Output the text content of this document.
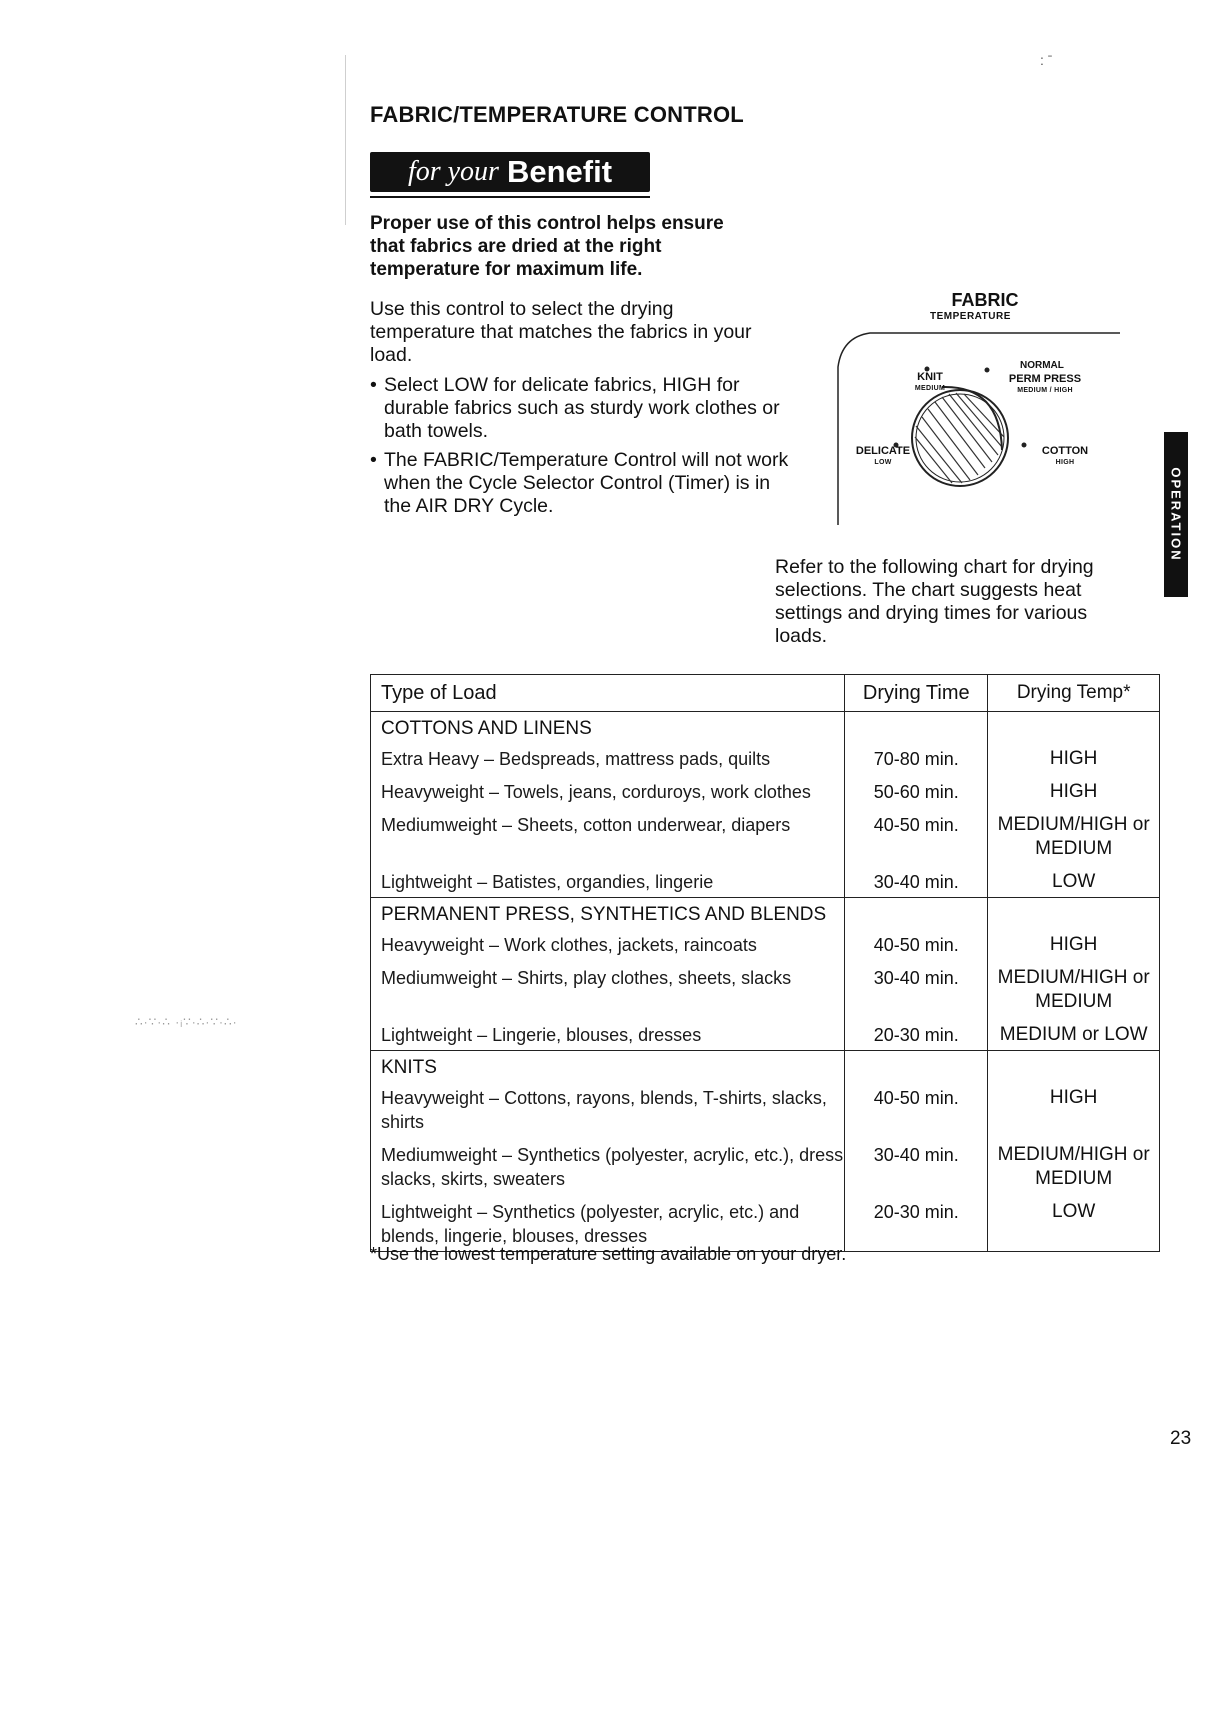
: ˉ
FABRIC/TEMPERATURE CONTROL
for your Benefit
Proper use of this control helps ensure that fabrics are dried at the right temperature for maximum life.
Use this control to select the drying temperature that matches the fabrics in your load.
• Select LOW for delicate fabrics, HIGH for durable fabrics such as sturdy work clothes or bath towels.
• The FABRIC/Temperature Control will not work when the Cycle Selector Control (Timer) is in the AIR DRY Cycle.
FABRIC
TEMPERATURE
NORMAL
KNIT
MEDIUM
PERM PRESS
MEDIUM / HIGH
DELICATE
LOW
COTTON
HIGH
Refer to the following chart for drying selections. The chart suggests heat settings and drying times for various loads.
OPERATION
Type of Load	Drying Time	Drying Temp*
COTTONS AND LINENS		
Extra Heavy – Bedspreads, mattress pads, quilts	70-80 min.	HIGH
Heavyweight – Towels, jeans, corduroys, work clothes	50-60 min.	HIGH
Mediumweight – Sheets, cotton underwear, diapers	40-50 min.	MEDIUM/HIGH or MEDIUM
Lightweight – Batistes, organdies, lingerie	30-40 min.	LOW
PERMANENT PRESS, SYNTHETICS AND BLENDS		
Heavyweight – Work clothes, jackets, raincoats	40-50 min.	HIGH
Mediumweight – Shirts, play clothes, sheets, slacks	30-40 min.	MEDIUM/HIGH or MEDIUM
Lightweight – Lingerie, blouses, dresses	20-30 min.	MEDIUM or LOW
KNITS		
Heavyweight – Cottons, rayons, blends, T-shirts, slacks, shirts	40-50 min.	HIGH
Mediumweight – Synthetics (polyester, acrylic, etc.), dress slacks, skirts, sweaters	30-40 min.	MEDIUM/HIGH or MEDIUM
Lightweight – Synthetics (polyester, acrylic, etc.) and blends, lingerie, blouses, dresses	20-30 min.	LOW
*Use the lowest temperature setting available on your dryer.
∴·∵·∴ ·ᵢ∵·∴·∵·∴·
23
